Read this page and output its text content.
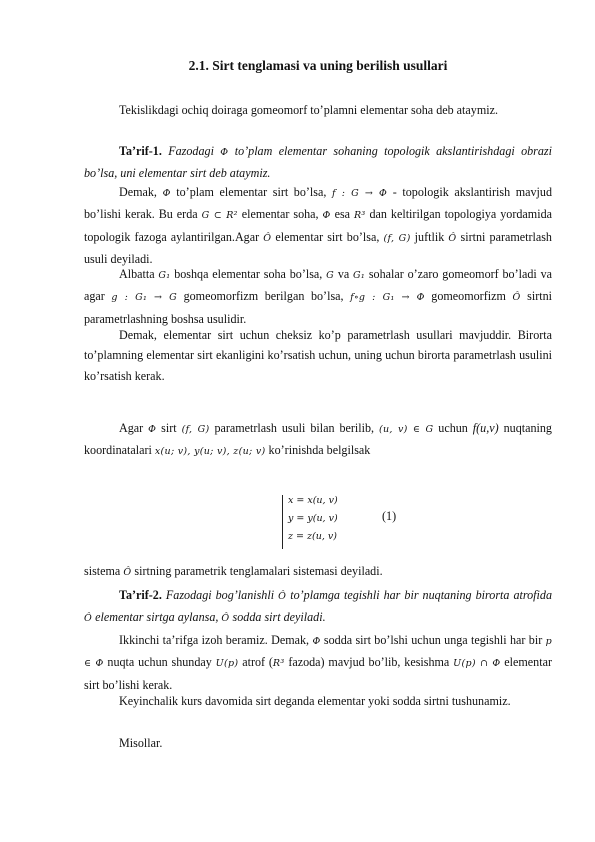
2.1. Sirt tenglamasi va uning berilish usullari
Tekislikdagi ochiq doiraga gomeomorf to’plamni elementar soha deb ataymiz.
Ta’rif-1. Fazodagi Φ to’plam elementar sohaning topologik akslantirishdagi obrazi bo’lsa, uni elementar sirt deb ataymiz.
Demak, Φ to’plam elementar sirt bo’lsa, f : G → Φ - topologik akslantirish mavjud bo’lishi kerak. Bu erda G ⊂ R² elementar soha, Φ esa R³ dan keltirilgan topologiya yordamida topologik fazoga aylantirilgan.Agar Ô elementar sirt bo’lsa, (f, G) juftlik Ô sirtni parametrlash usuli deyiladi.
Albatta G₁ boshqa elementar soha bo’lsa, G va G₁ sohalar o’zaro gomeomorf bo’ladi va agar g : G₁ → G gomeomorfizm berilgan bo’lsa, f∘g : G₁ → Φ gomeomorfizm Ô sirtni parametrlashning boshsa usulidir.
Demak, elementar sirt uchun cheksiz ko’p parametrlash usullari mavjuddir. Birorta to’plamning elementar sirt ekanligini ko’rsatish uchun, uning uchun birorta parametrlash usulini ko’rsatish kerak.
Agar Φ sirt (f, G) parametrlash usuli bilan berilib, (u, v) ∈ G uchun f(u,v) nuqtaning koordinatalari x(u; v), y(u; v), z(u; v) ko’rinishda belgilsak
x = x(u, v)
y = y(u, v)
z = z(u, v)
(1)
sistema Ô sirtning parametrik tenglamalari sistemasi deyiladi.
Ta’rif-2. Fazodagi bog’lanishli Ô to’plamga tegishli har bir nuqtaning birorta atrofida Ô elementar sirtga aylansa, Ô sodda sirt deyiladi.
Ikkinchi ta’rifga izoh beramiz. Demak, Φ sodda sirt bo’lshi uchun unga tegishli har bir p ∈ Φ nuqta uchun shunday U(p) atrof (R³ fazoda) mavjud bo’lib, kesishma U(p) ∩ Φ elementar sirt bo’lishi kerak.
Keyinchalik kurs davomida sirt deganda elementar yoki sodda sirtni tushunamiz.
Misollar.
